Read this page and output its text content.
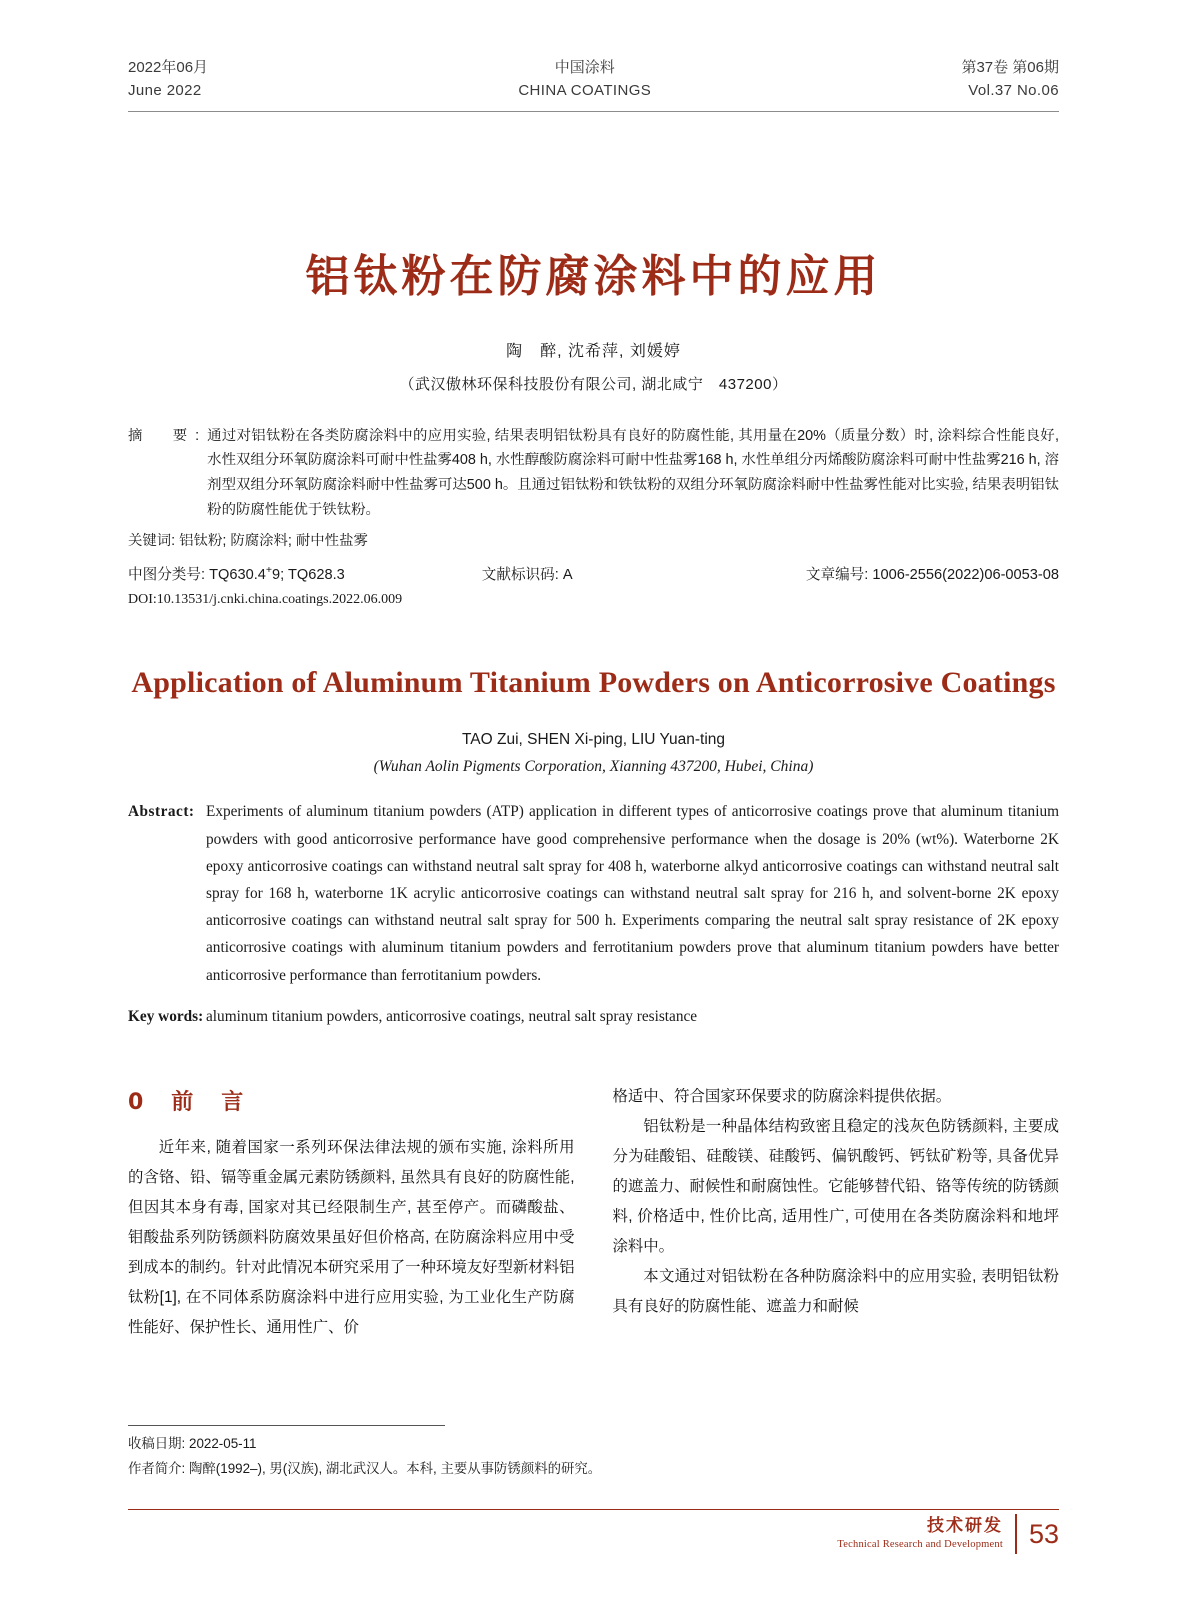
2022年06月
June 2022
中国涂料
CHINA COATINGS
第37卷 第06期
Vol.37 No.06
铝钛粉在防腐涂料中的应用
陶　醉, 沈希萍, 刘媛婷
（武汉傲林环保科技股份有限公司, 湖北咸宁　437200）
摘　要: 通过对铝钛粉在各类防腐涂料中的应用实验, 结果表明铝钛粉具有良好的防腐性能, 其用量在20%（质量分数）时, 涂料综合性能良好, 水性双组分环氧防腐涂料可耐中性盐雾408 h, 水性醇酸防腐涂料可耐中性盐雾168 h, 水性单组分丙烯酸防腐涂料可耐中性盐雾216 h, 溶剂型双组分环氧防腐涂料耐中性盐雾可达500 h。且通过铝钛粉和铁钛粉的双组分环氧防腐涂料耐中性盐雾性能对比实验, 结果表明铝钛粉的防腐性能优于铁钛粉。
关键词: 铝钛粉; 防腐涂料; 耐中性盐雾
中图分类号: TQ630.4+9; TQ628.3	文献标识码: A	文章编号: 1006-2556(2022)06-0053-08
DOI:10.13531/j.cnki.china.coatings.2022.06.009
Application of Aluminum Titanium Powders on Anticorrosive Coatings
TAO Zui, SHEN Xi-ping, LIU Yuan-ting
(Wuhan Aolin Pigments Corporation, Xianning 437200, Hubei, China)
Abstract: Experiments of aluminum titanium powders (ATP) application in different types of anticorrosive coatings prove that aluminum titanium powders with good anticorrosive performance have good comprehensive performance when the dosage is 20% (wt%). Waterborne 2K epoxy anticorrosive coatings can withstand neutral salt spray for 408 h, waterborne alkyd anticorrosive coatings can withstand neutral salt spray for 168 h, waterborne 1K acrylic anticorrosive coatings can withstand neutral salt spray for 216 h, and solvent-borne 2K epoxy anticorrosive coatings can withstand neutral salt spray for 500 h. Experiments comparing the neutral salt spray resistance of 2K epoxy anticorrosive coatings with aluminum titanium powders and ferrotitanium powders prove that aluminum titanium powders have better anticorrosive performance than ferrotitanium powders.
Key words: aluminum titanium powders, anticorrosive coatings, neutral salt spray resistance
0　前　言

近年来, 随着国家一系列环保法律法规的颁布实施, 涂料所用的含铬、铅、镉等重金属元素防锈颜料, 虽然具有良好的防腐性能, 但因其本身有毒, 国家对其已经限制生产, 甚至停产。而磷酸盐、钼酸盐系列防锈颜料防腐效果虽好但价格高, 在防腐涂料应用中受到成本的制约。针对此情况本研究采用了一种环境友好型新材料铝钛粉[1], 在不同体系防腐涂料中进行应用实验, 为工业化生产防腐性能好、保护性长、通用性广、价

格适中、符合国家环保要求的防腐涂料提供依据。

铝钛粉是一种晶体结构致密且稳定的浅灰色防锈颜料, 主要成分为硅酸铝、硅酸镁、硅酸钙、偏钒酸钙、钙钛矿粉等, 具备优异的遮盖力、耐候性和耐腐蚀性。它能够替代铅、铬等传统的防锈颜料, 价格适中, 性价比高, 适用性广, 可使用在各类防腐涂料和地坪涂料中。

本文通过对铝钛粉在各种防腐涂料中的应用实验, 表明铝钛粉具有良好的防腐性能、遮盖力和耐候

收稿日期: 2022-05-11
作者简介: 陶醉(1992–), 男(汉族), 湖北武汉人。本科, 主要从事防锈颜料的研究。
技术研发
Technical Research and Development 53
